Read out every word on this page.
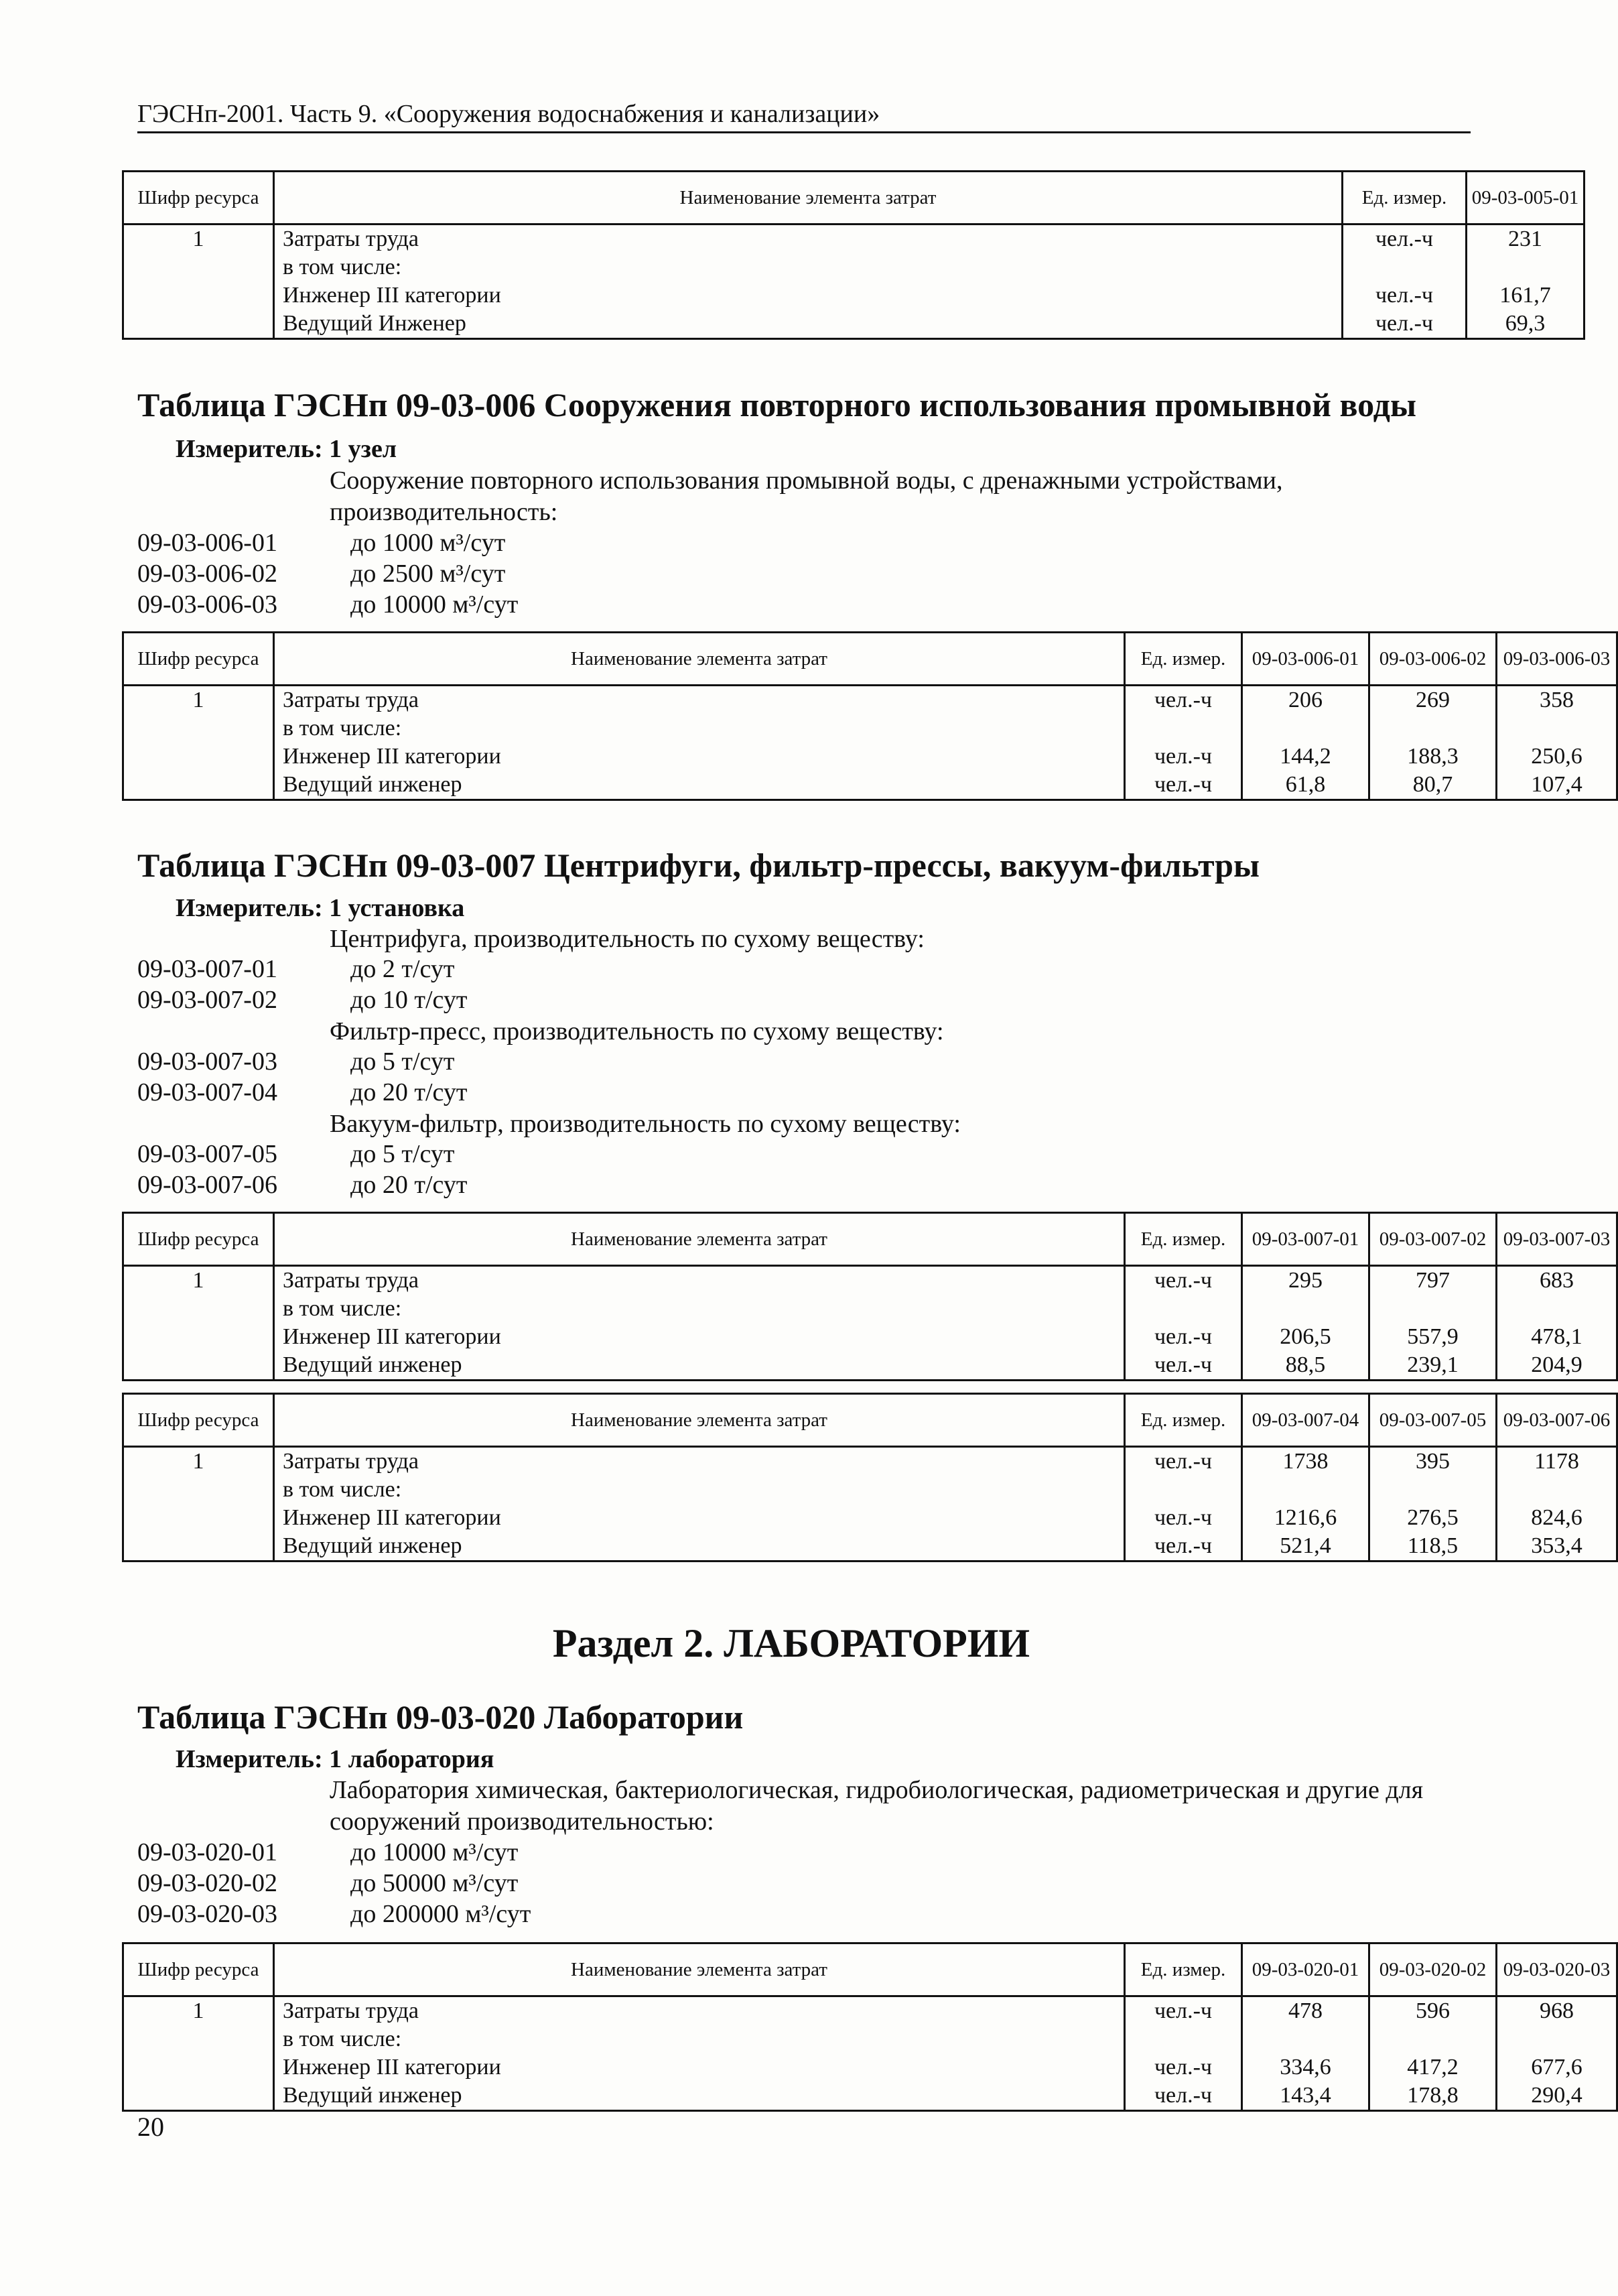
ГЭСНп-2001. Часть 9. «Сооружения водоснабжения и канализации»
Шифр ресурса	Наименование элемента затрат	Ед. измер.	09-03-005-01
1	Затраты труда	чел.-ч	231
	в том числе:		
	Инженер III категории	чел.-ч	161,7
	Ведущий Инженер	чел.-ч	69,3
Таблица ГЭСНп 09-03-006 Сооружения повторного использования промывной воды
Измеритель: 1 узел
Сооружение повторного использования промывной воды, с дренажными устройствами, производительность:
09-03-006-01	до 1000 м³/сут
09-03-006-02	до 2500 м³/сут
09-03-006-03	до 10000 м³/сут
Шифр ресурса	Наименование элемента затрат	Ед. измер.	09-03-006-01	09-03-006-02	09-03-006-03
1	Затраты труда	чел.-ч	206	269	358
	в том числе:				
	Инженер III категории	чел.-ч	144,2	188,3	250,6
	Ведущий инженер	чел.-ч	61,8	80,7	107,4
Таблица ГЭСНп 09-03-007 Центрифуги, фильтр-прессы, вакуум-фильтры
Измеритель: 1 установка
Центрифуга, производительность по сухому веществу:
09-03-007-01	до 2 т/сут
09-03-007-02	до 10 т/сут
Фильтр-пресс, производительность по сухому веществу:
09-03-007-03	до 5 т/сут
09-03-007-04	до 20 т/сут
Вакуум-фильтр, производительность по сухому веществу:
09-03-007-05	до 5 т/сут
09-03-007-06	до 20 т/сут
Шифр ресурса	Наименование элемента затрат	Ед. измер.	09-03-007-01	09-03-007-02	09-03-007-03
1	Затраты труда	чел.-ч	295	797	683
	в том числе:				
	Инженер III категории	чел.-ч	206,5	557,9	478,1
	Ведущий инженер	чел.-ч	88,5	239,1	204,9
Шифр ресурса	Наименование элемента затрат	Ед. измер.	09-03-007-04	09-03-007-05	09-03-007-06
1	Затраты труда	чел.-ч	1738	395	1178
	в том числе:				
	Инженер III категории	чел.-ч	1216,6	276,5	824,6
	Ведущий инженер	чел.-ч	521,4	118,5	353,4
Раздел 2. ЛАБОРАТОРИИ
Таблица ГЭСНп 09-03-020 Лаборатории
Измеритель: 1 лаборатория
Лаборатория химическая, бактериологическая, гидробиологическая, радиометрическая и другие для сооружений производительностью:
09-03-020-01	до 10000 м³/сут
09-03-020-02	до 50000 м³/сут
09-03-020-03	до 200000 м³/сут
Шифр ресурса	Наименование элемента затрат	Ед. измер.	09-03-020-01	09-03-020-02	09-03-020-03
1	Затраты труда	чел.-ч	478	596	968
	в том числе:				
	Инженер III категории	чел.-ч	334,6	417,2	677,6
	Ведущий инженер	чел.-ч	143,4	178,8	290,4
20
